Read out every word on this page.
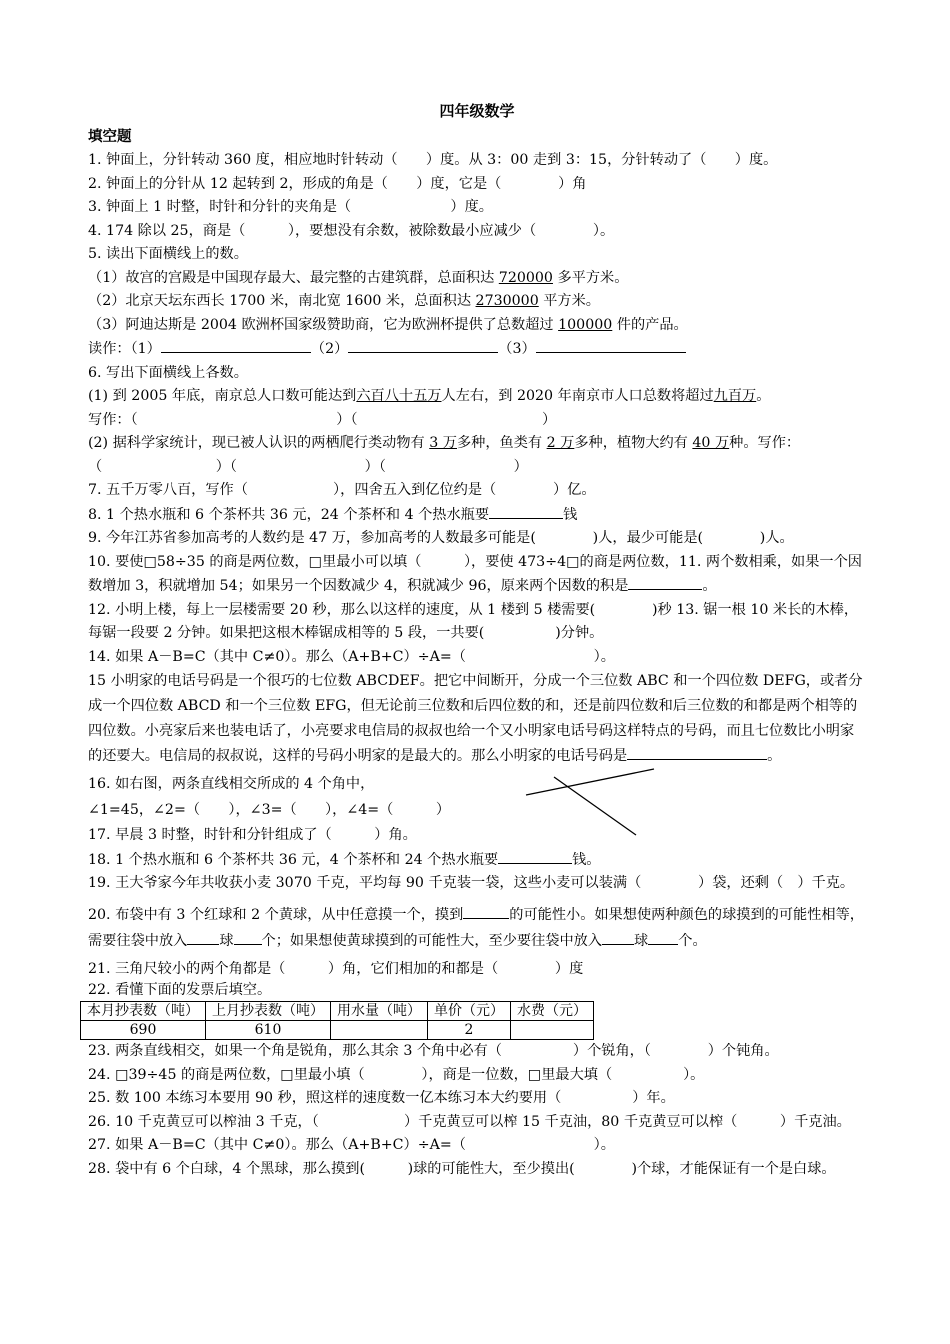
四年级数学
填空题
1. 钟面上，分针转动 360 度，相应地时针转动（　　）度。从 3：00 走到 3：15，分针转动了（　　）度。
2. 钟面上的分针从 12 起转到 2，形成的角是（　　）度，它是（　　　　）角
3. 钟面上 1 时整，时针和分针的夹角是（　　　　　　　）度。
4. 174 除以 25，商是（　　　），要想没有余数，被除数最小应减少（　　　　）。
5. 读出下面横线上的数。
（1）故宫的宫殿是中国现存最大、最完整的古建筑群，总面积达 720000 多平方米。
（2）北京天坛东西长 1700 米，南北宽 1600 米，总面积达 2730000 平方米。
（3）阿迪达斯是 2004 欧洲杯国家级赞助商，它为欧洲杯提供了总数超过 100000 件的产品。
读作：（1）	（2）	（3）
6. 写出下面横线上各数。
(1) 到 2005 年底，南京总人口数可能达到六百八十五万人左右，到 2020 年南京市人口总数将超过九百万。
写作：（　　　　　　　　　　　　　　）（　　　　　　　　　　　　　）
(2) 据科学家统计，现已被人认识的两栖爬行类动物有 3 万多种，鱼类有 2 万多种，植物大约有 40 万种。写作：（　　　　　　　　）（　　　　　　　　　）（　　　　　　　　　）
7. 五千万零八百，写作（　　　　　　），四舍五入到亿位约是（　　　　）亿。
8. 1 个热水瓶和 6 个茶杯共 36 元，24 个茶杯和 4 个热水瓶要	钱
9. 今年江苏省参加高考的人数约是 47 万，参加高考的人数最多可能是(　　　　)人，最少可能是(　　　　)人。
10. 要使□58÷35 的商是两位数，□里最小可以填（　　　），要使 473÷4□的商是两位数，11. 两个数相乘，如果一个因数增加 3，积就增加 54；如果另一个因数减少 4，积就减少 96，原来两个因数的积是	。
12. 小明上楼，每上一层楼需要 20 秒，那么以这样的速度，从 1 楼到 5 楼需要(　　　　)秒 13. 锯一根 10 米长的木棒，每锯一段要 2 分钟。如果把这根木棒锯成相等的 5 段，一共要(　　　　　)分钟。
14. 如果 A－B=C（其中 C≠0）。那么（A+B+C）÷A=（　　　　　　　　　）。
15 小明家的电话号码是一个很巧的七位数 ABCDEF。把它中间断开，分成一个三位数 ABC 和一个四位数 DEFG，或者分成一个四位数 ABCD 和一个三位数 EFG，但无论前三位数和后四位数的和，还是前四位数和后三位数的和都是两个相等的四位数。小亮家后来也装电话了，小亮要求电信局的叔叔也给一个又小明家电话号码这样特点的号码，而且七位数比小明家的还要大。电信局的叔叔说，这样的号码小明家的是最大的。那么小明家的电话号码是	。
16. 如右图，两条直线相交所成的 4 个角中，
∠1=45，∠2=（　　），∠3=（　　），∠4=（　　　）
17. 早晨 3 时整，时针和分针组成了（　　　）角。
18. 1 个热水瓶和 6 个茶杯共 36 元，4 个茶杯和 24 个热水瓶要	钱。
19. 王大爷家今年共收获小麦 3070 千克，平均每 90 千克装一袋，这些小麦可以装满（　　　　）袋，还剩（　）千克。
20. 布袋中有 3 个红球和 2 个黄球，从中任意摸一个，摸到	的可能性小。如果想使两种颜色的球摸到的可能性相等，需要往袋中放入 球 个；如果想使黄球摸到的可能性大，至少要往袋中放入 球 个。
21. 三角尺较小的两个角都是（　　　）角，它们相加的和都是（　　　　）度
22. 看懂下面的发票后填空。
本月抄表数（吨）	上月抄表数（吨）	用水量（吨）	单价（元）	水费（元）
690	610		2	
23. 两条直线相交，如果一个角是锐角，那么其余 3 个角中必有（　　　　　）个锐角，（　　　　）个钝角。
24. □39÷45 的商是两位数，□里最小填（　　　　），商是一位数，□里最大填（　　　　　）。
25. 数 100 本练习本要用 90 秒，照这样的速度数一亿本练习本大约要用（　　　　　）年。
26. 10 千克黄豆可以榨油 3 千克，（　　　　　　）千克黄豆可以榨 15 千克油，80 千克黄豆可以榨（　　　）千克油。
27. 如果 A－B=C（其中 C≠0）。那么（A+B+C）÷A=（　　　　　　　　　）。
28. 袋中有 6 个白球，4 个黑球，那么摸到(　　　)球的可能性大，至少摸出(　　　　)个球，才能保证有一个是白球。
